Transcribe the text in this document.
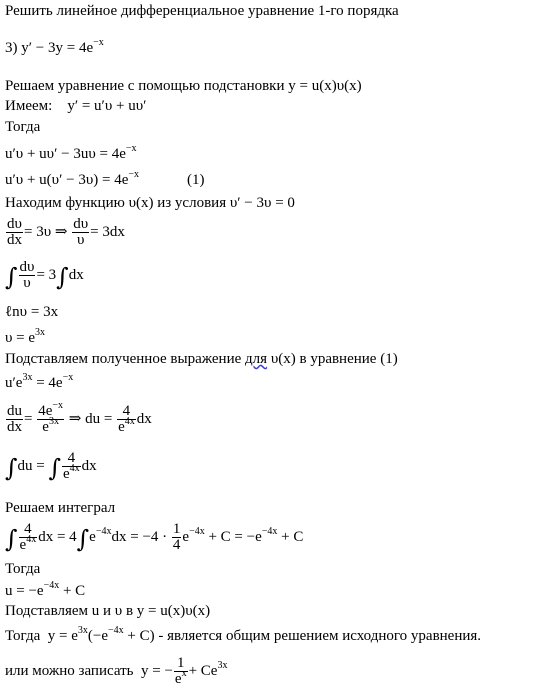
Решить линейное дифференциальное уравнение 1-го порядка
3) $y' - 3y = 4e^{-x}$
Решаем уравнение с помощью подстановки y = u(x)υ(x)
Имеем: y′ = u′υ + uυ′
Тогда
$u'\upsilon + u\upsilon' - 3u\upsilon = 4e^{-x}$
$u'\upsilon + u(\upsilon' - 3\upsilon) = 4e^{-x}$	(1)
Находим функцию υ(x) из условия υ′ − 3υ = 0
$\frac{d\upsilon}{dx} = 3\upsilon$ ⇒ $\frac{d\upsilon}{\upsilon} = 3dx$
∫ $\frac{d\upsilon}{\upsilon} = 3\int dx$
ℓnυ = 3x
$\upsilon = e^{3x}$
Подставляем полученное выражение для υ(x) в уравнение (1)
$u'e^{3x} = 4e^{-x}$
$\frac{du}{dx} = \frac{4e^{-x}}{e^{3x}}$ ⇒ du = $\frac{4}{e^{4x}}$ dx
∫du = ∫ $\frac{4}{e^{4x}}$ dx
Решаем интеграл
∫ $\frac{4}{e^{4x}}$ dx = $4\int e^{-4x}dx = -4 \cdot \frac{1}{4} e^{-4x} + C = -e^{-4x} + C$
Тогда
$u = -e^{-4x} + C$
Подставляем u и υ в y = u(x)υ(x)
Тогда $y = e^{3x}(-e^{-4x} + C)$ - является общим решением исходного уравнения.
или можно записать y = − $\frac{1}{e^x} + Ce^{3x}$
